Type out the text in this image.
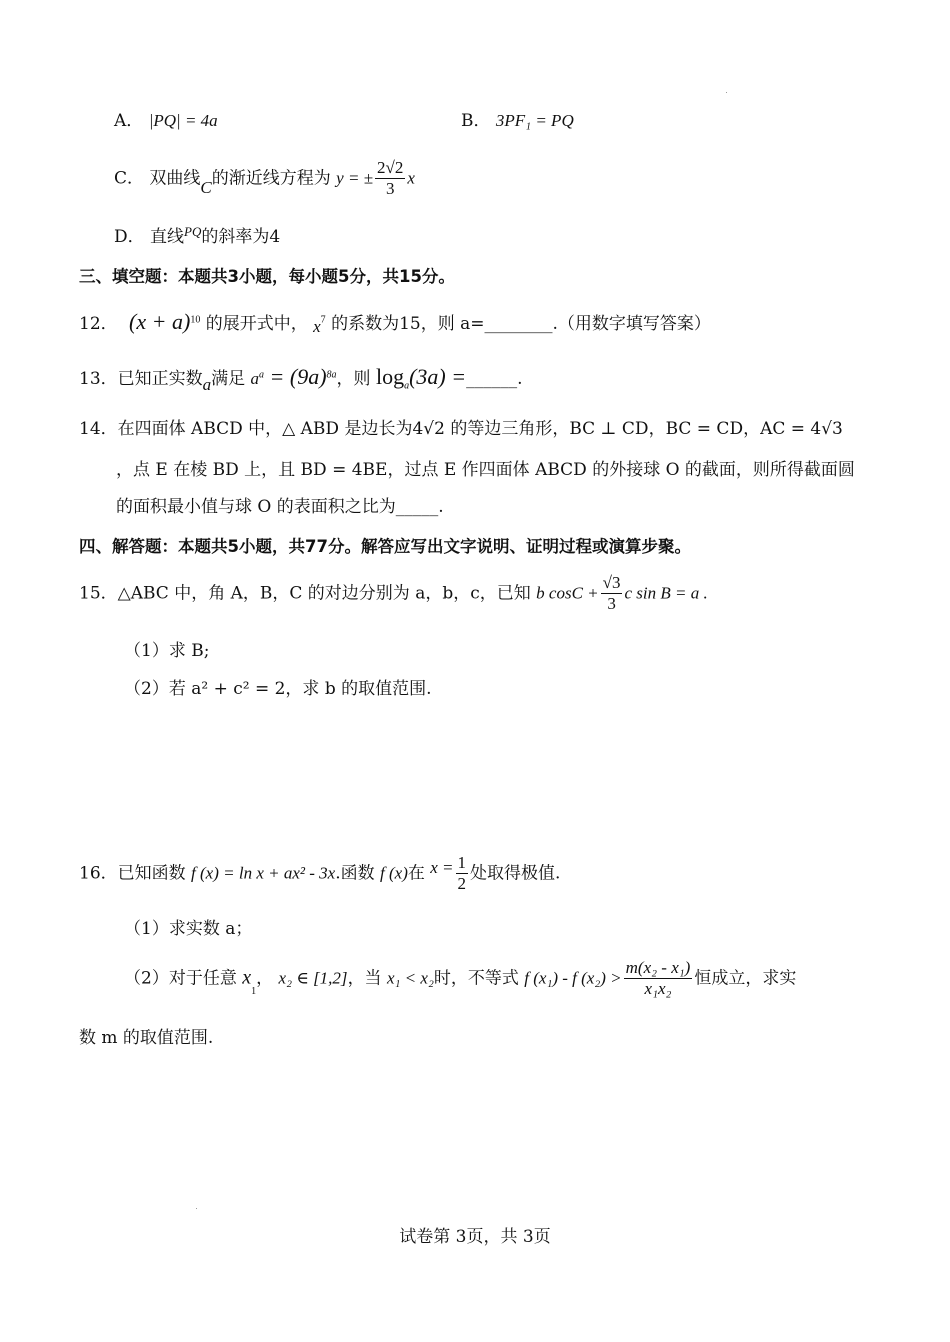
A． |PQ| = 4a	B． 3PF₁ = PQ
C． 双曲线C的渐近线方程为 y = ± $\frac{2√2}{3}$ x
D． 直线$^{PQ}$的斜率为4
三、填空题：本题共3小题，每小题5分，共15分。
12． $(x + a)^{10}$ 的展开式中， $x^7$ 的系数为15，则 a=________.（用数字填写答案）
13．已知正实数a满足 $a^a = (9a)^{8a}$，则 $\log_a(3a)$ =______.
14．在四面体 ABCD 中，△ ABD 是边长为4√2 的等边三角形，BC ⊥ CD，BC = CD，AC = 4√3
，点 E 在棱 BD 上，且 BD = 4BE，过点 E 作四面体 ABCD 的外接球 O 的截面，则所得截面圆
的面积最小值与球 O 的表面积之比为_____.
四、解答题：本题共5小题，共77分。解答应写出文字说明、证明过程或演算步聚。
15．△ABC 中，角 A，B，C 的对边分别为 a，b，c，已知 b $\cos C + \frac{√3}{3}$ c sin B = a .
（1）求 B;
（2）若 a² + c² = 2，求 b 的取值范围.
16．已知函数 f (x) = ln x + ax² - 3x.函数 f (x)在 $x = \frac{1}{2}$ 处取得极值.
（1）求实数 a；
（2）对于任意 $x_1$， x₂ ∈ [1,2]，当 x₁ < x₂时，不等式 f (x₁) - f $(x_2) > \frac{\text{m(x₂ - x₁)}}{\text{x₁x₂}}$ 恒成立，求实
数 m 的取值范围.
试卷第 3页，共 3页
